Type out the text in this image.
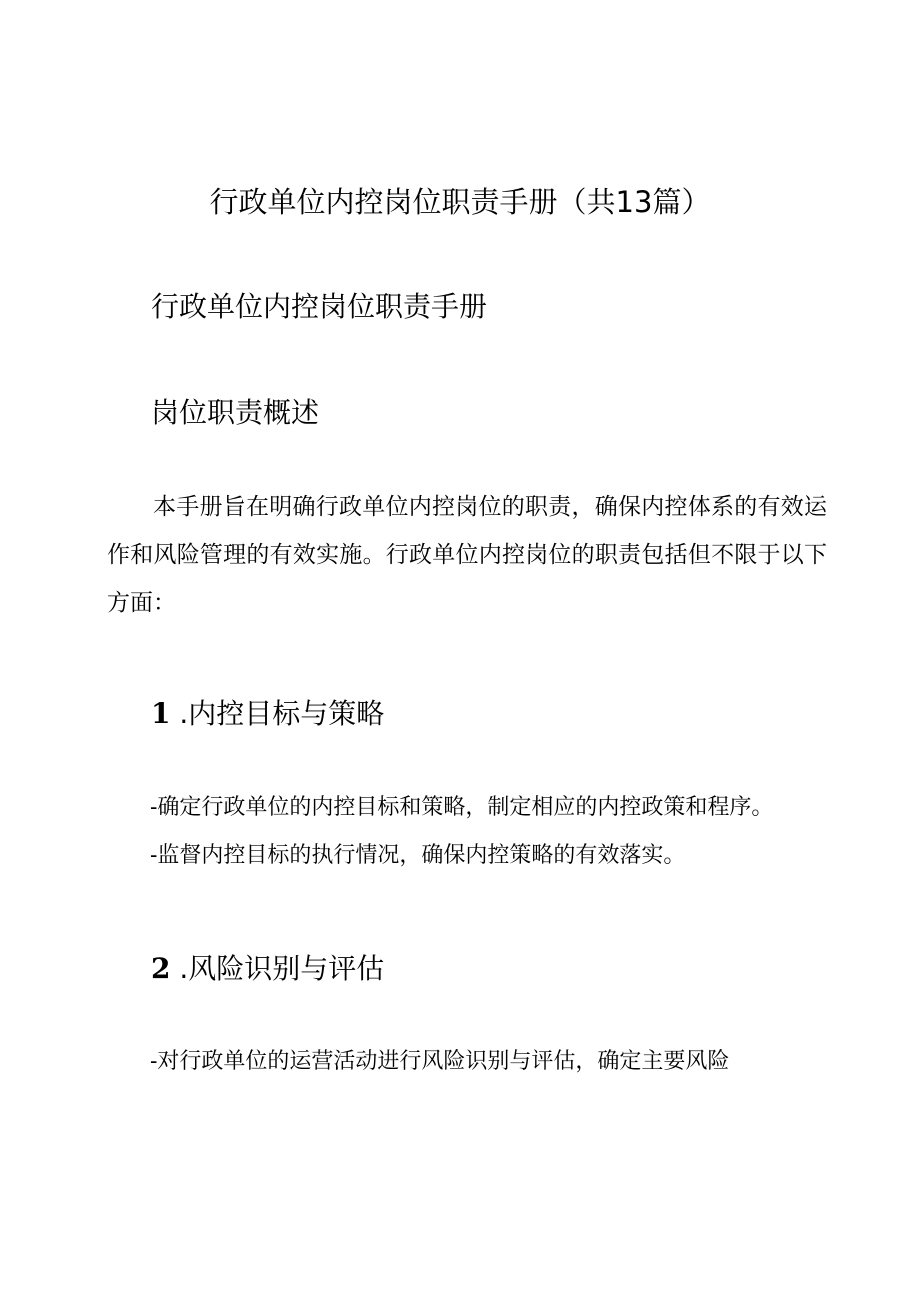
行政单位内控岗位职责手册（共13篇）
行政单位内控岗位职责手册
岗位职责概述

本手册旨在明确行政单位内控岗位的职责，确保内控体系的有效运作和风险管理的有效实施。行政单位内控岗位的职责包括但不限于以下方面：

1 .内控目标与策略
-确定行政单位的内控目标和策略，制定相应的内控政策和程序。
-监督内控目标的执行情况，确保内控策略的有效落实。
2 .风险识别与评估
-对行政单位的运营活动进行风险识别与评估，确定主要风险
